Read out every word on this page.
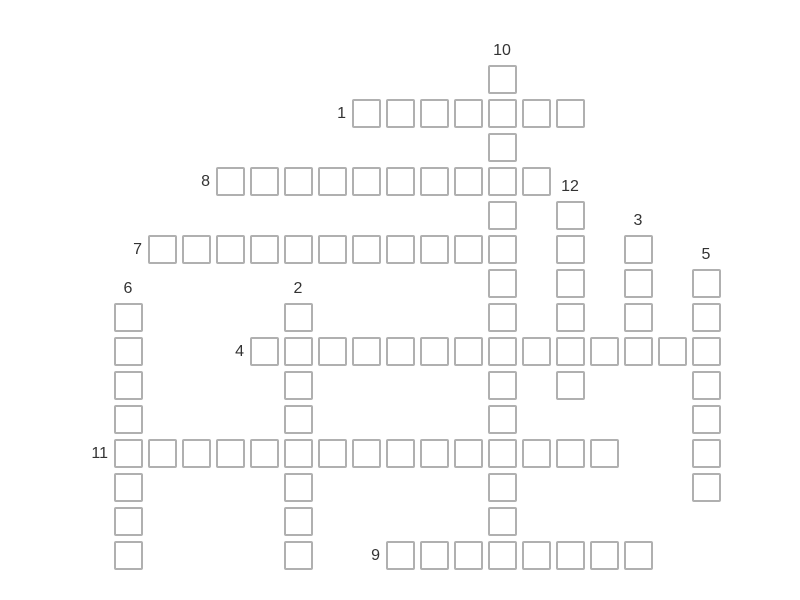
1
2
3
4
5
6
7
8
9
10
11
12
